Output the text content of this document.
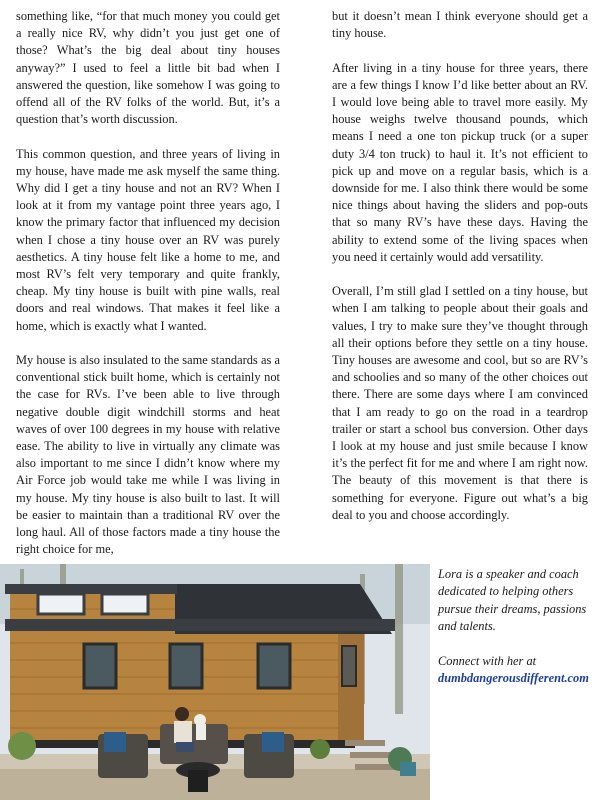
something like, “for that much money you could get a really nice RV, why didn’t you just get one of those? What’s the big deal about tiny houses anyway?” I used to feel a little bit bad when I answered the question, like somehow I was going to offend all of the RV folks of the world. But, it’s a question that’s worth discussion.

This common question, and three years of living in my house, have made me ask myself the same thing. Why did I get a tiny house and not an RV? When I look at it from my vantage point three years ago, I know the primary factor that influenced my decision when I chose a tiny house over an RV was purely aesthetics. A tiny house felt like a home to me, and most RV’s felt very temporary and quite frankly, cheap. My tiny house is built with pine walls, real doors and real windows. That makes it feel like a home, which is exactly what I wanted.

My house is also insulated to the same standards as a conventional stick built home, which is certainly not the case for RVs. I’ve been able to live through negative double digit windchill storms and heat waves of over 100 degrees in my house with relative ease. The ability to live in virtually any climate was also important to me since I didn’t know where my Air Force job would take me while I was living in my house. My tiny house is also built to last. It will be easier to maintain than a traditional RV over the long haul. All of those factors made a tiny house the right choice for me,

but it doesn’t mean I think everyone should get a tiny house.

After living in a tiny house for three years, there are a few things I know I’d like better about an RV. I would love being able to travel more easily. My house weighs twelve thousand pounds, which means I need a one ton pickup truck (or a super duty 3/4 ton truck) to haul it. It’s not efficient to pick up and move on a regular basis, which is a downside for me. I also think there would be some nice things about having the sliders and pop-outs that so many RV’s have these days. Having the ability to extend some of the living spaces when you need it certainly would add versatility.

Overall, I’m still glad I settled on a tiny house, but when I am talking to people about their goals and values, I try to make sure they’ve thought through all their options before they settle on a tiny house. Tiny houses are awesome and cool, but so are RV’s and schoolies and so many of the other choices out there. There are some days where I am convinced that I am ready to go on the road in a teardrop trailer or start a school bus conversion. Other days I look at my house and just smile because I know it’s the perfect fit for me and where I am right now. The beauty of this movement is that there is something for everyone. Figure out what’s a big deal to you and choose accordingly.

Lora is a speaker and coach dedicated to helping others pursue their dreams, passions and talents.

Connect with her at
dumbdangerousdifferent.com
